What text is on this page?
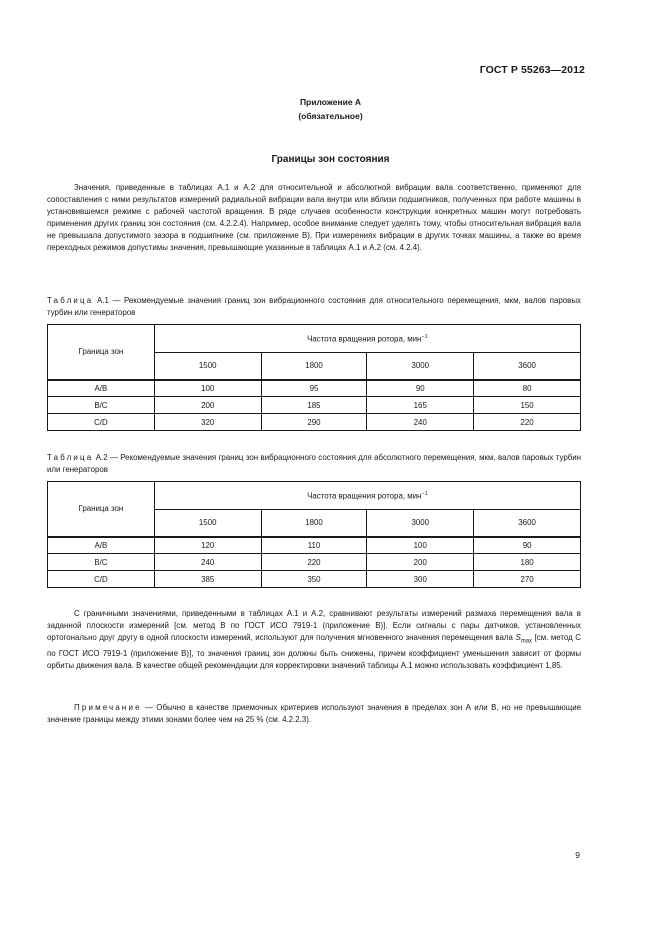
ГОСТ Р 55263—2012
Приложение А
(обязательное)
Границы зон состояния

Значения, приведенные в таблицах А.1 и А.2 для относительной и абсолютной вибрации вала соответственно, применяют для сопоставления с ними результатов измерений радиальной вибрации вала внутри или вблизи подшипников, полученных при работе машины в установившемся режиме с рабочей частотой вращения. В ряде случаев особенности конструкции конкретных машин могут потребовать применения других границ зон состояния (см. 4.2.2.4). Например, особое внимание следует уделять тому, чтобы относительная вибрация вала не превышала допустимого зазора в подшипнике (см. приложение В). При измерениях вибрации в других точках машины, а также во время переходных режимов допустимы значения, превышающие указанные в таблицах А.1 и А.2 (см. 4.2.4).

Таблица А.1 — Рекомендуемые значения границ зон вибрационного состояния для относительного перемещения, мкм, валов паровых турбин или генераторов

Граница зон	Частота вращения ротора, мин$^{-1}$
	1500	1800	3000	3600
A/B	100	95	90	80
B/C	200	185	165	150
C/D	320	290	240	220

Таблица А.2 — Рекомендуемые значения границ зон вибрационного состояния для абсолютного перемещения, мкм, валов паровых турбин или генераторов

Граница зон	Частота вращения ротора, мин$^{-1}$
	1500	1800	3000	3600
A/B	120	110	100	90
B/C	240	220	200	180
C/D	385	350	300	270

С граничными значениями, приведенными в таблицах А.1 и А.2, сравнивают результаты измерений размаха перемещения вала в заданной плоскости измерений [см. метод В по ГОСТ ИСО 7919-1 (приложение В)]. Если сигналы с пары датчиков, установленных ортогонально друг другу в одной плоскости измерений, используют для получения мгновенного значения перемещения вала $S_{max}$ [см. метод С по ГОСТ ИСО 7919-1 (приложение В)], то значения границ зон должны быть снижены, причем коэффициент уменьшения зависит от формы орбиты движения вала. В качестве общей рекомендации для корректировки значений таблицы А.1 можно использовать коэффициент 1,85.

Примечание — Обычно в качестве приемочных критериев используют значения в пределах зон А или В, но не превышающие значение границы между этими зонами более чем на 25 % (см. 4.2.2.3).

9
